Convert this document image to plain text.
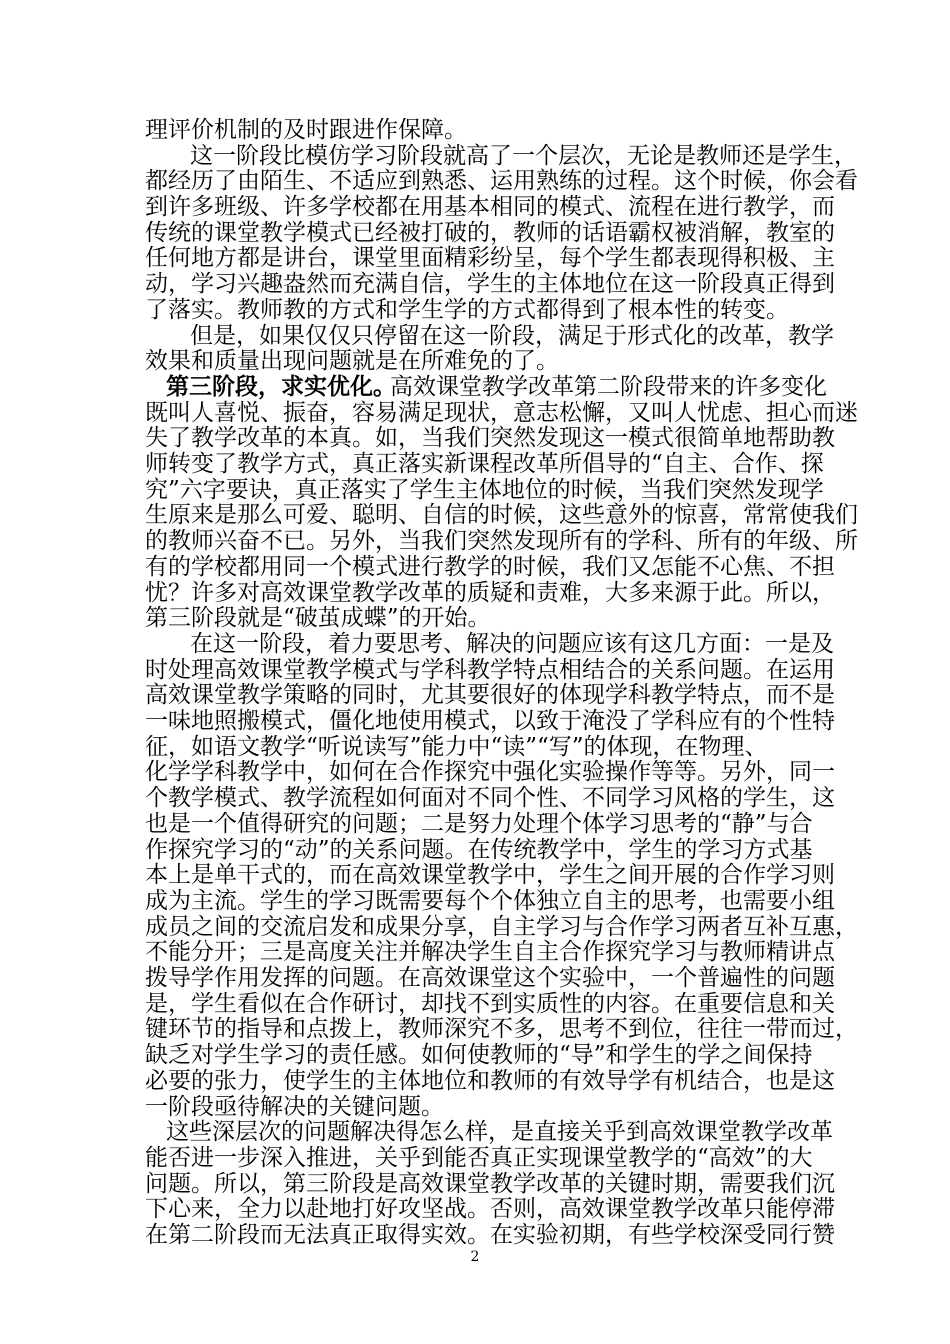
理评价机制的及时跟进作保障。
这一阶段比模仿学习阶段就高了一个层次，无论是教师还是学生，
都经历了由陌生、不适应到熟悉、运用熟练的过程。这个时候，你会看
到许多班级、许多学校都在用基本相同的模式、流程在进行教学，而
传统的课堂教学模式已经被打破的，教师的话语霸权被消解，教室的
任何地方都是讲台，课堂里面精彩纷呈，每个学生都表现得积极、主
动，学习兴趣盎然而充满自信，学生的主体地位在这一阶段真正得到
了落实。教师教的方式和学生学的方式都得到了根本性的转变。
但是，如果仅仅只停留在这一阶段，满足于形式化的改革，教学
效果和质量出现问题就是在所难免的了。
第三阶段，求实优化。
高效课堂教学改革第二阶段带来的许多变化
既叫人喜悦、振奋，容易满足现状，意志松懈，又叫人忧虑、担心而迷
失了教学改革的本真。如，当我们突然发现这一模式很简单地帮助教
师转变了教学方式，真正落实新课程改革所倡导的“自主、合作、探
究”六字要诀，真正落实了学生主体地位的时候，当我们突然发现学
生原来是那么可爱、聪明、自信的时候，这些意外的惊喜，常常使我们
的教师兴奋不已。另外，当我们突然发现所有的学科、所有的年级、所
有的学校都用同一个模式进行教学的时候，我们又怎能不心焦、不担
忧？许多对高效课堂教学改革的质疑和责难，大多来源于此。所以，
第三阶段就是“破茧成蝶”的开始。
在这一阶段，着力要思考、解决的问题应该有这几方面：一是及
时处理高效课堂教学模式与学科教学特点相结合的关系问题。在运用
高效课堂教学策略的同时，尤其要很好的体现学科教学特点，而不是
一味地照搬模式，僵化地使用模式，以致于淹没了学科应有的个性特
征，如语文教学“听说读写”能力中“读”“写”的体现，在物理、
化学学科教学中，如何在合作探究中强化实验操作等等。另外，同一
个教学模式、教学流程如何面对不同个性、不同学习风格的学生，这
也是一个值得研究的问题；二是努力处理个体学习思考的“静”与合
作探究学习的“动”的关系问题。在传统教学中，学生的学习方式基
本上是单干式的，而在高效课堂教学中，学生之间开展的合作学习则
成为主流。学生的学习既需要每个个体独立自主的思考，也需要小组
成员之间的交流启发和成果分享，自主学习与合作学习两者互补互惠，
不能分开；三是高度关注并解决学生自主合作探究学习与教师精讲点
拨导学作用发挥的问题。在高效课堂这个实验中，一个普遍性的问题
是，学生看似在合作研讨，却找不到实质性的内容。在重要信息和关
键环节的指导和点拨上，教师深究不多，思考不到位，往往一带而过，
缺乏对学生学习的责任感。如何使教师的“导”和学生的学之间保持
必要的张力，使学生的主体地位和教师的有效导学有机结合，也是这
一阶段亟待解决的关键问题。
这些深层次的问题解决得怎么样，是直接关乎到高效课堂教学改革
能否进一步深入推进，关乎到能否真正实现课堂教学的“高效”的大
问题。所以，第三阶段是高效课堂教学改革的关键时期，需要我们沉
下心来，全力以赴地打好攻坚战。否则，高效课堂教学改革只能停滞
在第二阶段而无法真正取得实效。在实验初期，有些学校深受同行赞
2
